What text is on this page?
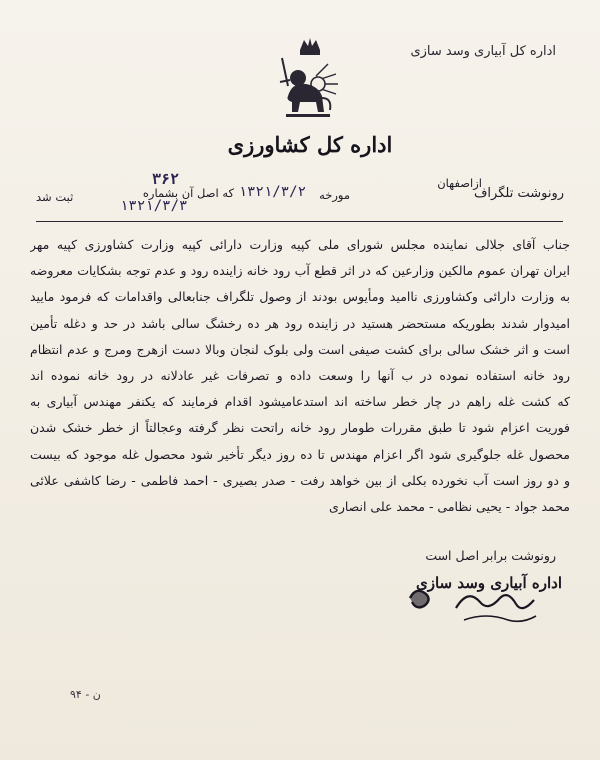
اداره کل آبیاری وسد سازی
اداره کل کشاورزی
رونوشت تلگراف
ازاصفهان
مورخه
۱۳۲۱/۳/۲
که اصل آن بشماره
۳۶۲
۱۳۲۱/۳/۳
ثبت شد
جناب آقای جلالی نماینده مجلس شورای ملی کپیه وزارت دارائی کپیه وزارت کشاورزی کپیه مهر
ایران تهران عموم مالکین وزارعین که در اثر قطع آب رود خانه زاینده رود و عدم توجه بشکایات معروضه
به وزارت دارائی وکشاورزی ناامید ومأیوس بودند از وصول تلگراف جنابعالی واقدامات که فرمود مايید
امیدوار شدند بطوریکه مستحضر هستید در زاینده رود هر ده رخشگ سالی باشد در حد و دغله تأمین
است و اثر خشک سالی برای کشت صیفی است ولی بلوک لنجان وبالا دست ازهرج ومرج و عدم انتظام
رود خانه استفاده نموده در ب آنها را وسعت داده و تصرفات غیر عادلانه در رود خانه نموده اند
که کشت غله راهم در چار خطر ساخته اند استدعامیشود اقدام فرمایند که یکنفر مهندس آبیاری به
فوریت اعزام شود تا طبق مقررات طومار رود خانه راتحت نظر گرفته وعجالتاً از خطر خشک شدن
محصول غله جلوگیری شود اگر اعزام مهندس تا ده روز دیگر تأخیر شود محصول غله موجود که بیست
و دو روز است آب نخورده بکلی از بین خواهد رفت - صدر بصیری - احمد فاطمی - رضا کاشفی علائی
محمد جواد - یحیی نظامی - محمد علی انصاری
رونوشت برابر اصل است
اداره آبیاری وسد سازی
ن - ۹۴
